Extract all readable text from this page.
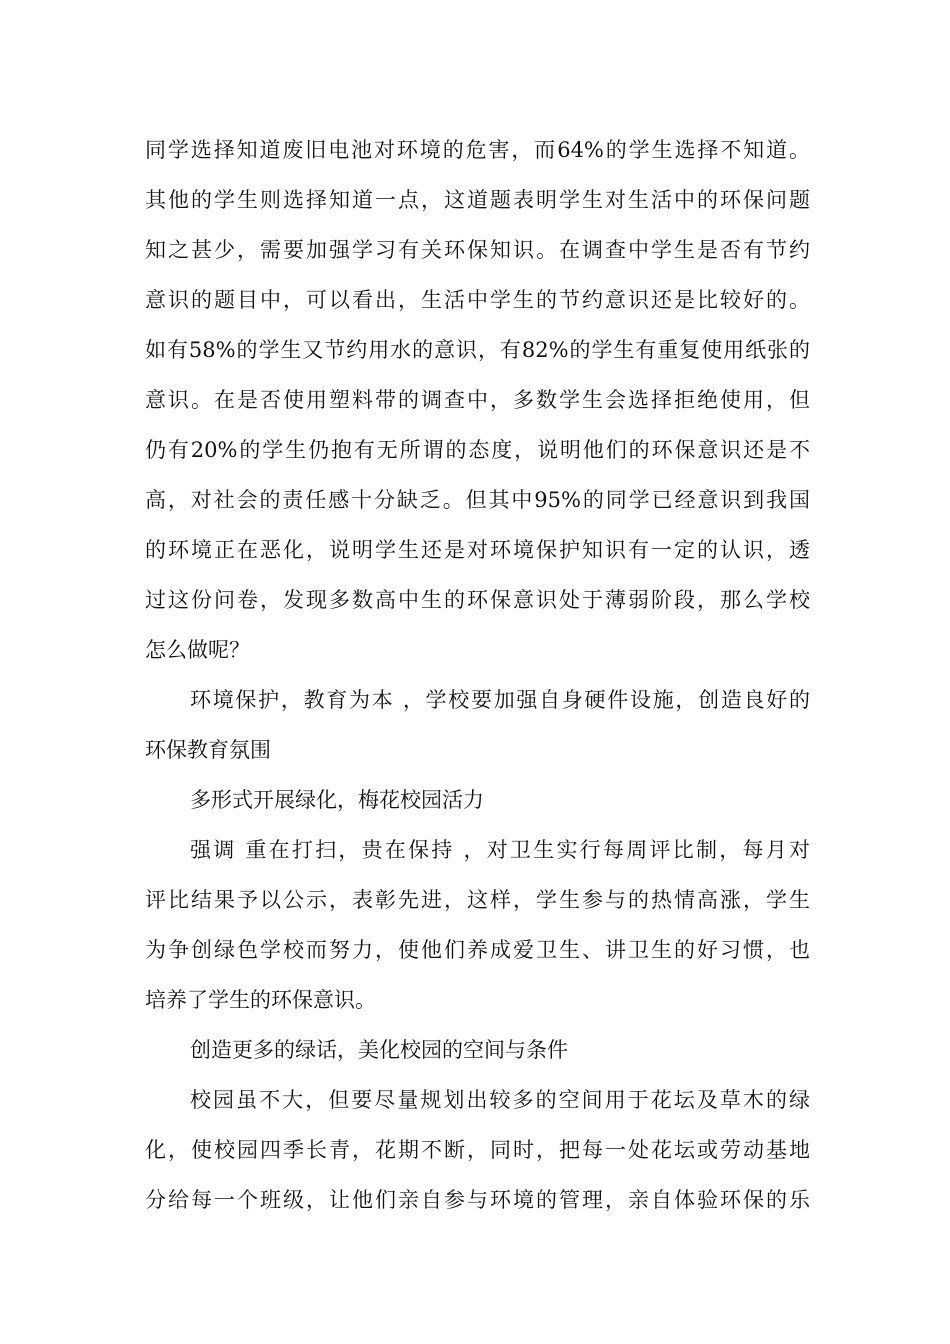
同学选择知道废旧电池对环境的危害，而64%的学生选择不知道。
其他的学生则选择知道一点，这道题表明学生对生活中的环保问题
知之甚少，需要加强学习有关环保知识。在调查中学生是否有节约
意识的题目中，可以看出，生活中学生的节约意识还是比较好的。
如有58%的学生又节约用水的意识，有82%的学生有重复使用纸张的
意识。在是否使用塑料带的调查中，多数学生会选择拒绝使用，但
仍有20%的学生仍抱有无所谓的态度，说明他们的环保意识还是不
高，对社会的责任感十分缺乏。但其中95%的同学已经意识到我国
的环境正在恶化，说明学生还是对环境保护知识有一定的认识，透
过这份问卷，发现多数高中生的环保意识处于薄弱阶段，那么学校
怎么做呢？
环境保护，教育为本 ，学校要加强自身硬件设施，创造良好的
环保教育氛围
多形式开展绿化，梅花校园活力
强调 重在打扫，贵在保持 ，对卫生实行每周评比制，每月对
评比结果予以公示，表彰先进，这样，学生参与的热情高涨，学生
为争创绿色学校而努力，使他们养成爱卫生、讲卫生的好习惯，也
培养了学生的环保意识。
创造更多的绿话，美化校园的空间与条件
校园虽不大，但要尽量规划出较多的空间用于花坛及草木的绿
化，使校园四季长青，花期不断，同时，把每一处花坛或劳动基地
分给每一个班级，让他们亲自参与环境的管理，亲自体验环保的乐
